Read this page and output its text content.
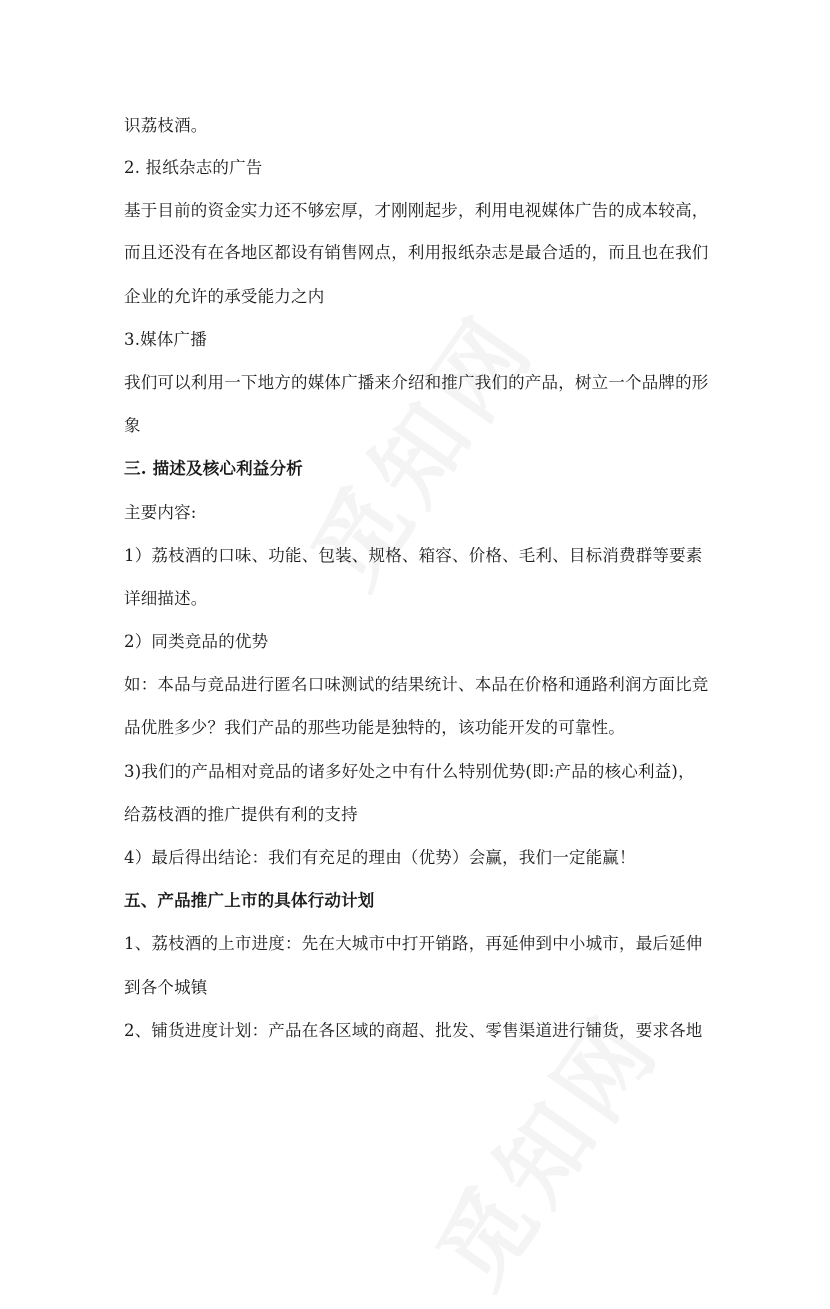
识荔枝酒。
2. 报纸杂志的广告
基于目前的资金实力还不够宏厚，才刚刚起步，利用电视媒体广告的成本较高，
而且还没有在各地区都设有销售网点，利用报纸杂志是最合适的，而且也在我们
企业的允许的承受能力之内
3.媒体广播
我们可以利用一下地方的媒体广播来介绍和推广我们的产品，树立一个品牌的形
象
三. 描述及核心利益分析
主要内容:
1）荔枝酒的口味、功能、包装、规格、箱容、价格、毛利、目标消费群等要素
详细描述。
2）同类竞品的优势
如：本品与竞品进行匿名口味测试的结果统计、本品在价格和通路利润方面比竞
品优胜多少？我们产品的那些功能是独特的，该功能开发的可靠性。
3)我们的产品相对竞品的诸多好处之中有什么特别优势(即:产品的核心利益)，
给荔枝酒的推广提供有利的支持
4）最后得出结论：我们有充足的理由（优势）会赢，我们一定能赢！
五、产品推广上市的具体行动计划
1、荔枝酒的上市进度：先在大城市中打开销路，再延伸到中小城市，最后延伸
到各个城镇
2、铺货进度计划：产品在各区域的商超、批发、零售渠道进行铺货，要求各地
